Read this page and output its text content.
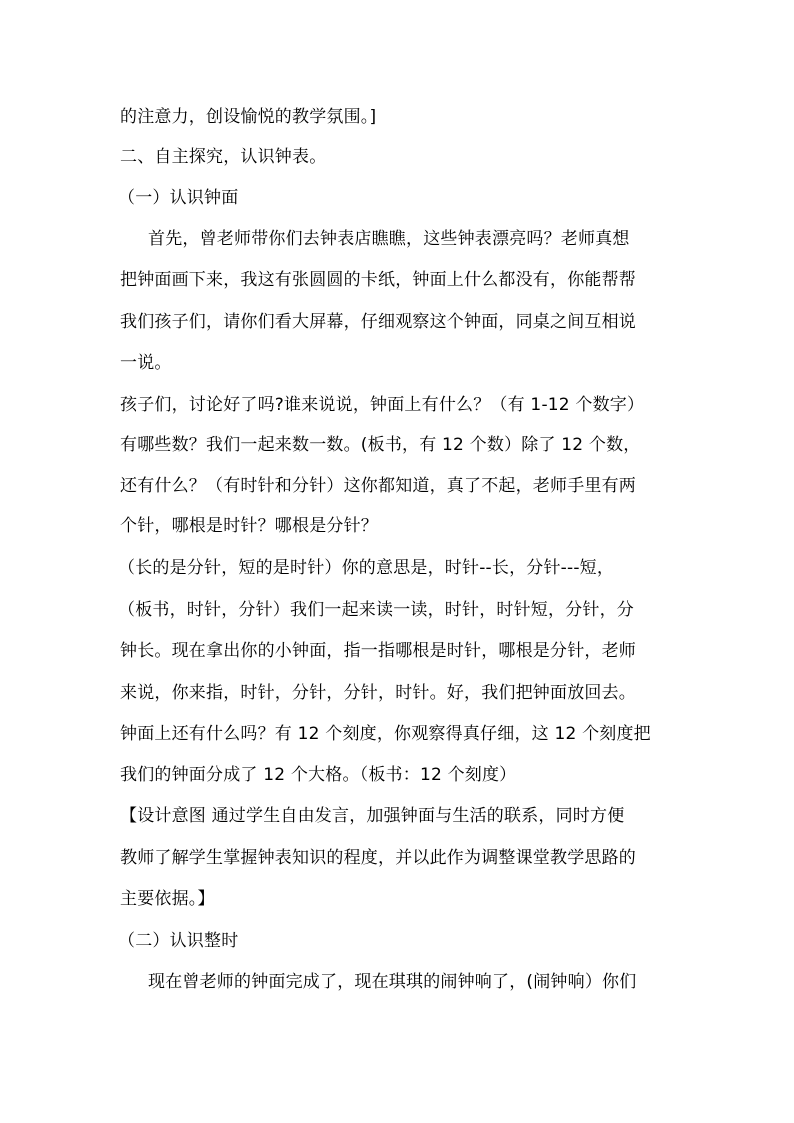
的注意力，创设愉悦的教学氛围。]
二、自主探究，认识钟表。
（一）认识钟面
首先，曾老师带你们去钟表店瞧瞧，这些钟表漂亮吗？老师真想
把钟面画下来，我这有张圆圆的卡纸，钟面上什么都没有，你能帮帮
我们孩子们，请你们看大屏幕，仔细观察这个钟面，同桌之间互相说
一说。
孩子们，讨论好了吗?谁来说说，钟面上有什么？（有 1-12 个数字）
有哪些数？我们一起来数一数。(板书，有 12 个数）除了 12 个数，
还有什么？（有时针和分针）这你都知道，真了不起，老师手里有两
个针，哪根是时针？哪根是分针？
（长的是分针，短的是时针）你的意思是，时针--长，分针---短，
（板书，时针，分针）我们一起来读一读，时针，时针短，分针，分
钟长。现在拿出你的小钟面，指一指哪根是时针，哪根是分针，老师
来说，你来指，时针，分针，分针，时针。好，我们把钟面放回去。
钟面上还有什么吗？有 12 个刻度，你观察得真仔细，这 12 个刻度把
我们的钟面分成了 12 个大格。（板书：12 个刻度）
【设计意图 通过学生自由发言，加强钟面与生活的联系，同时方便
教师了解学生掌握钟表知识的程度，并以此作为调整课堂教学思路的
主要依据。】
（二）认识整时
现在曾老师的钟面完成了，现在琪琪的闹钟响了，(闹钟响）你们
